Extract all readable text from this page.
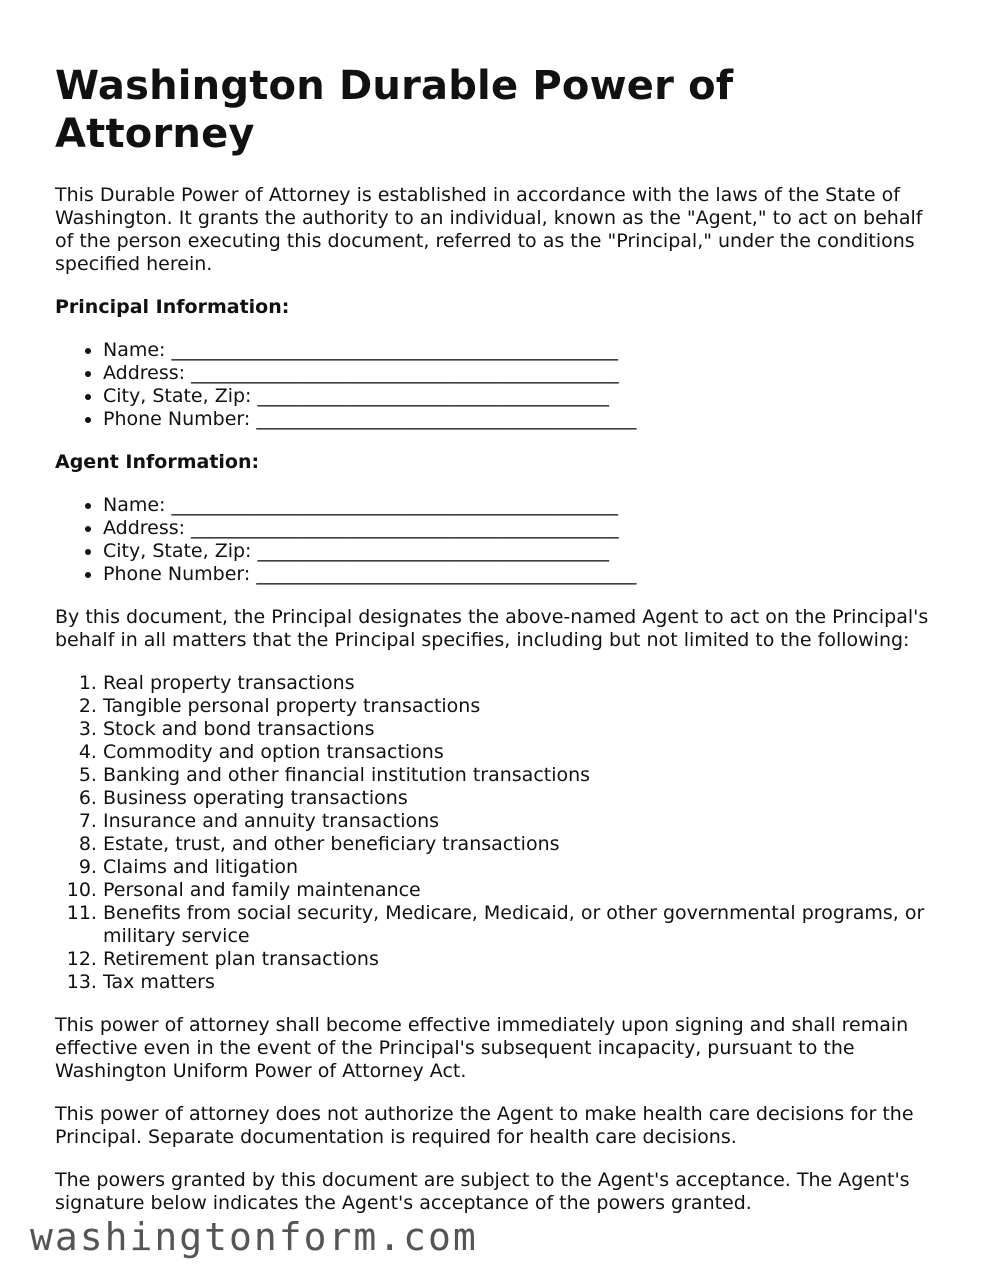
Washington Durable Power of Attorney

This Durable Power of Attorney is established in accordance with the laws of the State of Washington. It grants the authority to an individual, known as the "Agent," to act on behalf of the person executing this document, referred to as the "Principal," under the conditions specified herein.

Principal Information:
• Name: _______________________________________________
• Address: _____________________________________________
• City, State, Zip: _____________________________________
• Phone Number: ________________________________________
Agent Information:
• Name: _______________________________________________
• Address: _____________________________________________
• City, State, Zip: _____________________________________
• Phone Number: ________________________________________

By this document, the Principal designates the above-named Agent to act on the Principal's behalf in all matters that the Principal specifies, including but not limited to the following:

1. Real property transactions
2. Tangible personal property transactions
3. Stock and bond transactions
4. Commodity and option transactions
5. Banking and other financial institution transactions
6. Business operating transactions
7. Insurance and annuity transactions
8. Estate, trust, and other beneficiary transactions
9. Claims and litigation
10. Personal and family maintenance
11. Benefits from social security, Medicare, Medicaid, or other governmental programs, or military service
12. Retirement plan transactions
13. Tax matters

This power of attorney shall become effective immediately upon signing and shall remain effective even in the event of the Principal's subsequent incapacity, pursuant to the Washington Uniform Power of Attorney Act.

This power of attorney does not authorize the Agent to make health care decisions for the Principal. Separate documentation is required for health care decisions.

The powers granted by this document are subject to the Agent's acceptance. The Agent's signature below indicates the Agent's acceptance of the powers granted.

washingtonform.com
